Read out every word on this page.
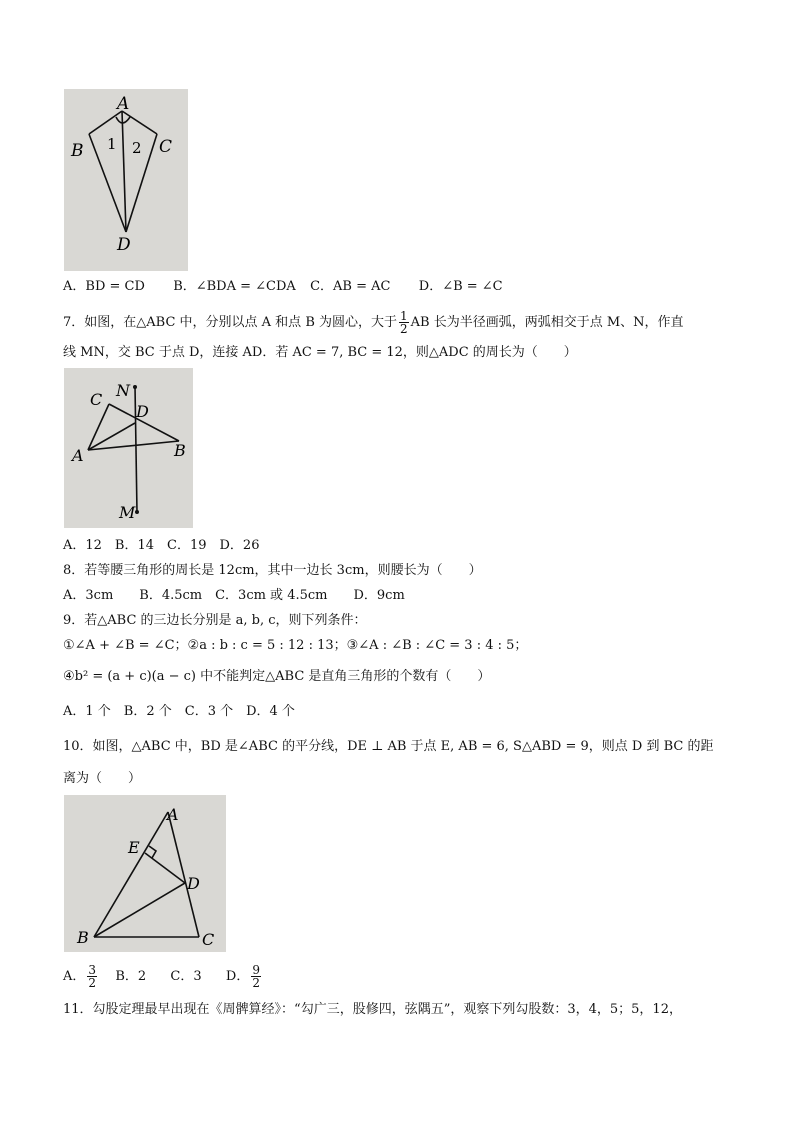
A
B	C
D
1 2
A．BD = CD B．∠BDA = ∠CDA C．AB = AC D．∠B = ∠C
7．如图，在△ABC 中，分别以点 A 和点 B 为圆心，大于 $\frac{1}{2}$ AB 长为半径画弧，两弧相交于点 M、N，作直
线 MN，交 BC 于点 D，连接 AD．若 AC = 7, BC = 12，则△ADC 的周长为（　　）
C N
D
A	B
M
A．12　B．14　C．19　D．26
8．若等腰三角形的周长是 12cm，其中一边长 3cm，则腰长为（　　）
A．3cm　　B．4.5cm　C．3cm 或 4.5cm　　D．9cm
9．若△ABC 的三边长分别是 a, b, c，则下列条件：
①∠A + ∠B = ∠C；②a : b : c = 5 : 12 : 13；③∠A : ∠B : ∠C = 3 : 4 : 5；
④b² = (a + c)(a − c) 中不能判定△ABC 是直角三角形的个数有（　　）
A．1 个　B．2 个　C．3 个　D．4 个
10．如图，△ABC 中，BD 是∠ABC 的平分线，DE ⊥ AB 于点 E, AB = 6, S△ABD = 9，则点 D 到 BC 的距
离为（　　）
A
E
D
B	C
A． $\frac{3}{2}$ B．2 C．3 D． $\frac{9}{2}$
11．勾股定理最早出现在《周髀算经》：“勾广三，股修四，弦隅五”，观察下列勾股数：3，4，5；5，12，
